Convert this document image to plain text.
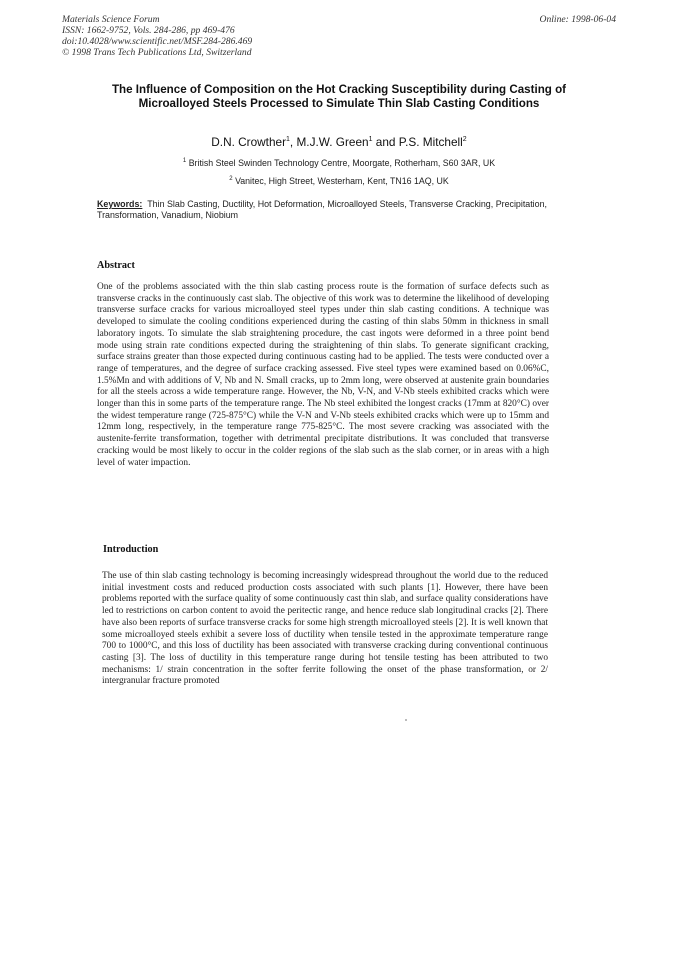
Materials Science Forum
ISSN: 1662-9752, Vols. 284-286, pp 469-476
doi:10.4028/www.scientific.net/MSF.284-286.469
© 1998 Trans Tech Publications Ltd, Switzerland
Online: 1998-06-04
The Influence of Composition on the Hot Cracking Susceptibility during Casting of Microalloyed Steels Processed to Simulate Thin Slab Casting Conditions
D.N. Crowther$^1$, M.J.W. Green$^1$ and P.S. Mitchell$^2$
$^1$ British Steel Swinden Technology Centre, Moorgate, Rotherham, S60 3AR, UK
$^2$ Vanitec, High Street, Westerham, Kent, TN16 1AQ, UK
Keywords: Thin Slab Casting, Ductility, Hot Deformation, Microalloyed Steels, Transverse Cracking, Precipitation, Transformation, Vanadium, Niobium
Abstract
One of the problems associated with the thin slab casting process route is the formation of surface defects such as transverse cracks in the continuously cast slab. The objective of this work was to determine the likelihood of developing transverse surface cracks for various microalloyed steel types under thin slab casting conditions. A technique was developed to simulate the cooling conditions experienced during the casting of thin slabs 50mm in thickness in small laboratory ingots. To simulate the slab straightening procedure, the cast ingots were deformed in a three point bend mode using strain rate conditions expected during the straightening of thin slabs. To generate significant cracking, surface strains greater than those expected during continuous casting had to be applied. The tests were conducted over a range of temperatures, and the degree of surface cracking assessed. Five steel types were examined based on 0.06%C, 1.5%Mn and with additions of V, Nb and N. Small cracks, up to 2mm long, were observed at austenite grain boundaries for all the steels across a wide temperature range. However, the Nb, V-N, and V-Nb steels exhibited cracks which were longer than this in some parts of the temperature range. The Nb steel exhibited the longest cracks (17mm at 820°C) over the widest temperature range (725-875°C) while the V-N and V-Nb steels exhibited cracks which were up to 15mm and 12mm long, respectively, in the temperature range 775-825°C. The most severe cracking was associated with the austenite-ferrite transformation, together with detrimental precipitate distributions. It was concluded that transverse cracking would be most likely to occur in the colder regions of the slab such as the slab corner, or in areas with a high level of water impaction.
Introduction
The use of thin slab casting technology is becoming increasingly widespread throughout the world due to the reduced initial investment costs and reduced production costs associated with such plants [1]. However, there have been problems reported with the surface quality of some continuously cast thin slab, and surface quality considerations have led to restrictions on carbon content to avoid the peritectic range, and hence reduce slab longitudinal cracks [2]. There have also been reports of surface transverse cracks for some high strength microalloyed steels [2]. It is well known that some microalloyed steels exhibit a severe loss of ductility when tensile tested in the approximate temperature range 700 to 1000°C, and this loss of ductility has been associated with transverse cracking during conventional continuous casting [3]. The loss of ductility in this temperature range during hot tensile testing has been attributed to two mechanisms: 1/ strain concentration in the softer ferrite following the onset of the phase transformation, or 2/ intergranular fracture promoted
